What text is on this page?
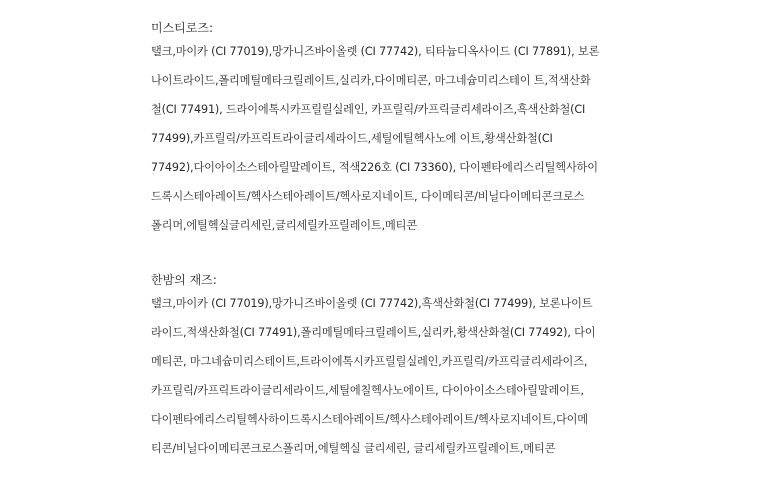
미스티로즈:
탤크,마이카 (CI 77019),망가니즈바이올렛 (CI 77742), 티타늄디옥사이드 (CI 77891), 보론
나이트라이드,폴리메틸메타크릴레이트,실리카,다이메티콘, 마그네슘미리스테이 트,적색산화
철(CI 77491), 드라이에톡시카프릴릴실레인, 카프릴릭/카프릭글리세라이즈,흑색산화철(CI
77499),카프릴릭/카프릭트라이글리세라이드,세틸에틸헥사노에 이트,황색산화철(CI
77492),다이아이소스테아릴말레이트, 적색226호 (CI 73360), 다이펜타에리스리틸헥사하이
드록시스테아레이트/헥사스테아레이트/헥사로지네이트, 다이메티콘/비닐다이메티콘크로스
폴리머,에틸헥실글리세린,글리세릴카프릴레이트,메티콘
한밤의 재즈:
탤크,마이카 (CI 77019),망가니즈바이올렛 (CI 77742),흑색산화철(CI 77499), 보론나이트
라이드,적색산화철(CI 77491),폴리메틸메타크릴레이트,실리카,황색산화철(CI 77492), 다이
메티콘, 마그네슘미리스테이트,트라이에톡시카프릴릴실레인,카프릴릭/카프릭글리세라이즈,
카프릴릭/카프릭트라이글리세라이드,세틸에칠헥사노에이트, 다이아이소스테아릴말레이트,
다이펜타에리스리틸헥사하이드록시스테아레이트/헥사스테아레이트/헥사로지네이트,다이메
티콘/비닐다이메티콘크로스폴리머,에틸헥실 글리세린, 글리세릴카프릴레이트,메티콘
